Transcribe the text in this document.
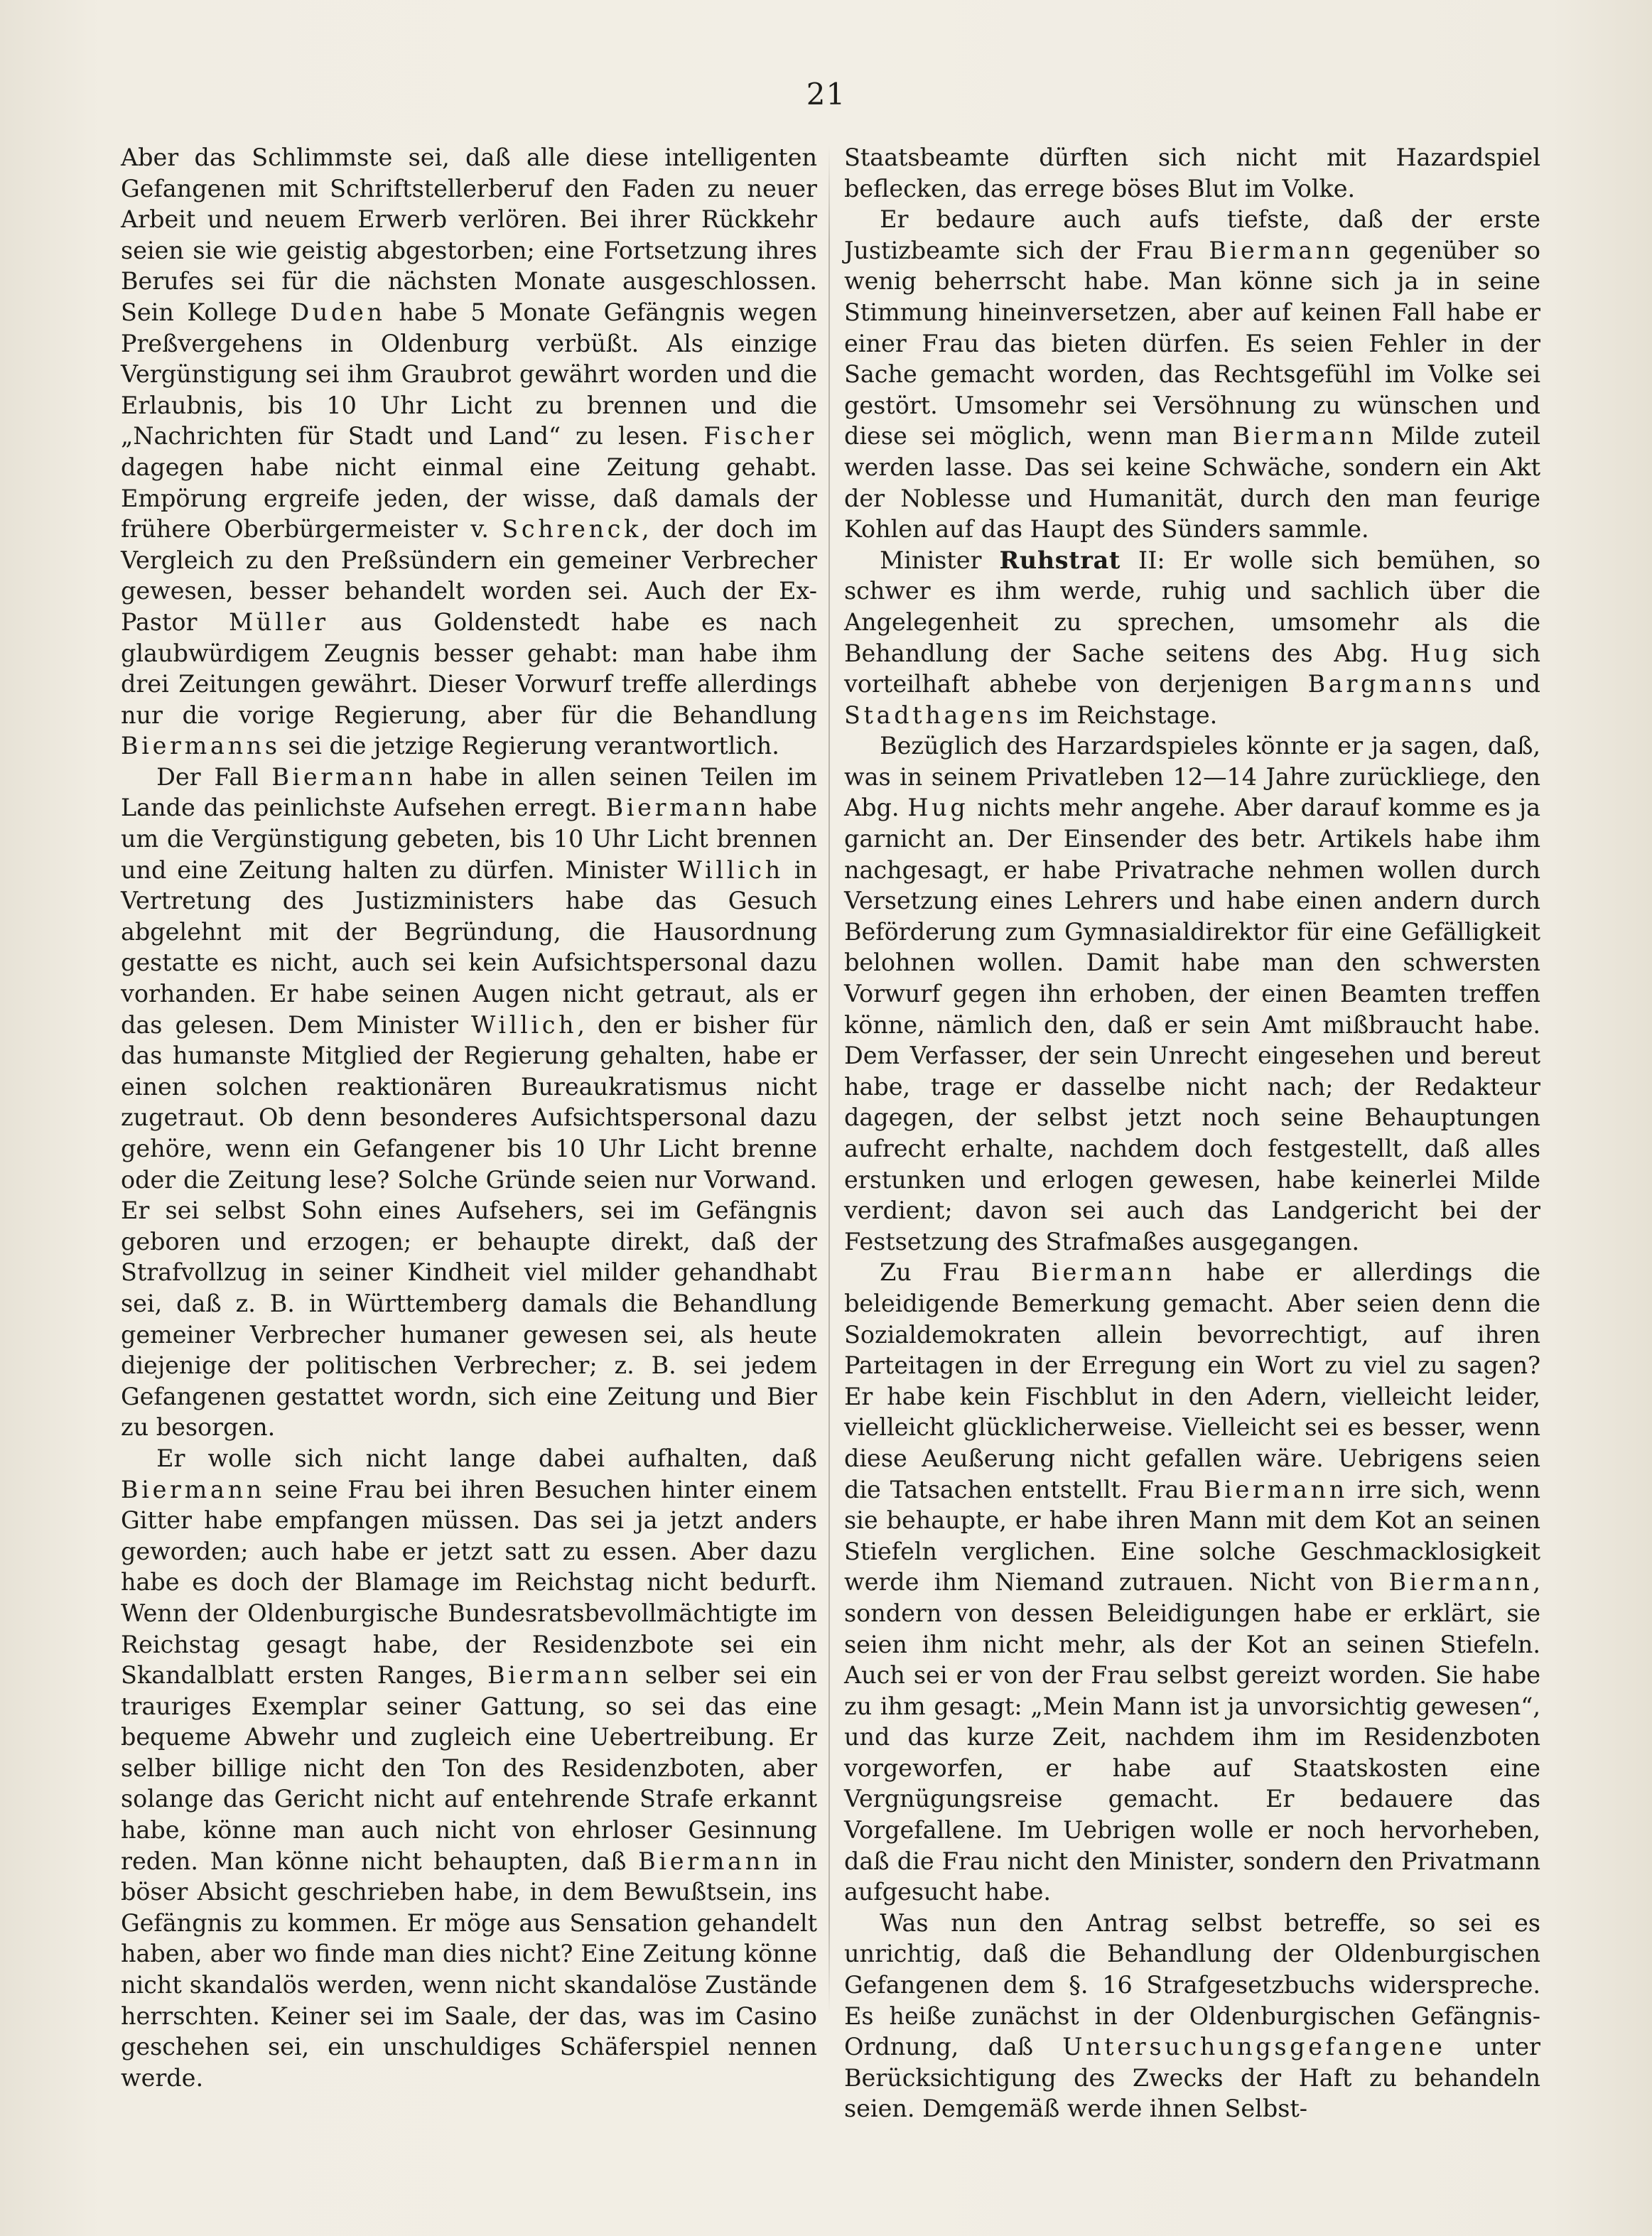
21

Aber das Schlimmste sei, daß alle diese intelligenten Gefangenen mit Schriftstellerberuf den Faden zu neuer Arbeit und neuem Erwerb verlören. Bei ihrer Rückkehr seien sie wie geistig abgestorben; eine Fortsetzung ihres Berufes sei für die nächsten Monate ausgeschlossen. Sein Kollege Duden habe 5 Monate Gefängnis wegen Preßvergehens in Oldenburg verbüßt. Als einzige Vergünstigung sei ihm Graubrot gewährt worden und die Erlaubnis, bis 10 Uhr Licht zu brennen und die „Nachrichten für Stadt und Land“ zu lesen. Fischer dagegen habe nicht einmal eine Zeitung gehabt. Empörung ergreife jeden, der wisse, daß damals der frühere Oberbürgermeister v. Schrenck, der doch im Vergleich zu den Preßsündern ein gemeiner Verbrecher gewesen, besser behandelt worden sei. Auch der Ex-Pastor Müller aus Goldenstedt habe es nach glaubwürdigem Zeugnis besser gehabt: man habe ihm drei Zeitungen gewährt. Dieser Vorwurf treffe allerdings nur die vorige Regierung, aber für die Behandlung Biermanns sei die jetzige Regierung verantwortlich.

Der Fall Biermann habe in allen seinen Teilen im Lande das peinlichste Aufsehen erregt. Biermann habe um die Vergünstigung gebeten, bis 10 Uhr Licht brennen und eine Zeitung halten zu dürfen. Minister Willich in Vertretung des Justizministers habe das Gesuch abgelehnt mit der Begründung, die Hausordnung gestatte es nicht, auch sei kein Aufsichtspersonal dazu vorhanden. Er habe seinen Augen nicht getraut, als er das gelesen. Dem Minister Willich, den er bisher für das humanste Mitglied der Regierung gehalten, habe er einen solchen reaktionären Bureaukratismus nicht zugetraut. Ob denn besonderes Aufsichtspersonal dazu gehöre, wenn ein Gefangener bis 10 Uhr Licht brenne oder die Zeitung lese? Solche Gründe seien nur Vorwand. Er sei selbst Sohn eines Aufsehers, sei im Gefängnis geboren und erzogen; er behaupte direkt, daß der Strafvollzug in seiner Kindheit viel milder gehandhabt sei, daß z. B. in Württemberg damals die Behandlung gemeiner Verbrecher humaner gewesen sei, als heute diejenige der politischen Verbrecher; z. B. sei jedem Gefangenen gestattet wordn, sich eine Zeitung und Bier zu besorgen.

Er wolle sich nicht lange dabei aufhalten, daß Biermann seine Frau bei ihren Besuchen hinter einem Gitter habe empfangen müssen. Das sei ja jetzt anders geworden; auch habe er jetzt satt zu essen. Aber dazu habe es doch der Blamage im Reichstag nicht bedurft. Wenn der Oldenburgische Bundesratsbevollmächtigte im Reichstag gesagt habe, der Residenzbote sei ein Skandalblatt ersten Ranges, Biermann selber sei ein trauriges Exemplar seiner Gattung, so sei das eine bequeme Abwehr und zugleich eine Uebertreibung. Er selber billige nicht den Ton des Residenzboten, aber solange das Gericht nicht auf entehrende Strafe erkannt habe, könne man auch nicht von ehrloser Gesinnung reden. Man könne nicht behaupten, daß Biermann in böser Absicht geschrieben habe, in dem Bewußtsein, ins Gefängnis zu kommen. Er möge aus Sensation gehandelt haben, aber wo finde man dies nicht? Eine Zeitung könne nicht skandalös werden, wenn nicht skandalöse Zustände herrschten. Keiner sei im Saale, der das, was im Casino geschehen sei, ein unschuldiges Schäferspiel nennen werde.

Staatsbeamte dürften sich nicht mit Hazardspiel beflecken, das errege böses Blut im Volke.

Er bedaure auch aufs tiefste, daß der erste Justizbeamte sich der Frau Biermann gegenüber so wenig beherrscht habe. Man könne sich ja in seine Stimmung hineinversetzen, aber auf keinen Fall habe er einer Frau das bieten dürfen. Es seien Fehler in der Sache gemacht worden, das Rechtsgefühl im Volke sei gestört. Umsomehr sei Versöhnung zu wünschen und diese sei möglich, wenn man Biermann Milde zuteil werden lasse. Das sei keine Schwäche, sondern ein Akt der Noblesse und Humanität, durch den man feurige Kohlen auf das Haupt des Sünders sammle.

Minister Ruhstrat II: Er wolle sich bemühen, so schwer es ihm werde, ruhig und sachlich über die Angelegenheit zu sprechen, umsomehr als die Behandlung der Sache seitens des Abg. Hug sich vorteilhaft abhebe von derjenigen Bargmanns und Stadthagens im Reichstage.

Bezüglich des Harzardspieles könnte er ja sagen, daß, was in seinem Privatleben 12—14 Jahre zurückliege, den Abg. Hug nichts mehr angehe. Aber darauf komme es ja garnicht an. Der Einsender des betr. Artikels habe ihm nachgesagt, er habe Privatrache nehmen wollen durch Versetzung eines Lehrers und habe einen andern durch Beförderung zum Gymnasialdirektor für eine Gefälligkeit belohnen wollen. Damit habe man den schwersten Vorwurf gegen ihn erhoben, der einen Beamten treffen könne, nämlich den, daß er sein Amt mißbraucht habe. Dem Verfasser, der sein Unrecht eingesehen und bereut habe, trage er dasselbe nicht nach; der Redakteur dagegen, der selbst jetzt noch seine Behauptungen aufrecht erhalte, nachdem doch festgestellt, daß alles erstunken und erlogen gewesen, habe keinerlei Milde verdient; davon sei auch das Landgericht bei der Festsetzung des Strafmaßes ausgegangen.

Zu Frau Biermann habe er allerdings die beleidigende Bemerkung gemacht. Aber seien denn die Sozialdemokraten allein bevorrechtigt, auf ihren Parteitagen in der Erregung ein Wort zu viel zu sagen? Er habe kein Fischblut in den Adern, vielleicht leider, vielleicht glücklicherweise. Vielleicht sei es besser, wenn diese Aeußerung nicht gefallen wäre. Uebrigens seien die Tatsachen entstellt. Frau Biermann irre sich, wenn sie behaupte, er habe ihren Mann mit dem Kot an seinen Stiefeln verglichen. Eine solche Geschmacklosigkeit werde ihm Niemand zutrauen. Nicht von Biermann, sondern von dessen Beleidigungen habe er erklärt, sie seien ihm nicht mehr, als der Kot an seinen Stiefeln. Auch sei er von der Frau selbst gereizt worden. Sie habe zu ihm gesagt: „Mein Mann ist ja unvorsichtig gewesen“, und das kurze Zeit, nachdem ihm im Residenzboten vorgeworfen, er habe auf Staatskosten eine Vergnügungsreise gemacht. Er bedauere das Vorgefallene. Im Uebrigen wolle er noch hervorheben, daß die Frau nicht den Minister, sondern den Privatmann aufgesucht habe.

Was nun den Antrag selbst betreffe, so sei es unrichtig, daß die Behandlung der Oldenburgischen Gefangenen dem §. 16 Strafgesetzbuchs widerspreche. Es heiße zunächst in der Oldenburgischen Gefängnis-Ordnung, daß Untersuchungsgefangene unter Berücksichtigung des Zwecks der Haft zu behandeln seien. Demgemäß werde ihnen Selbst-
